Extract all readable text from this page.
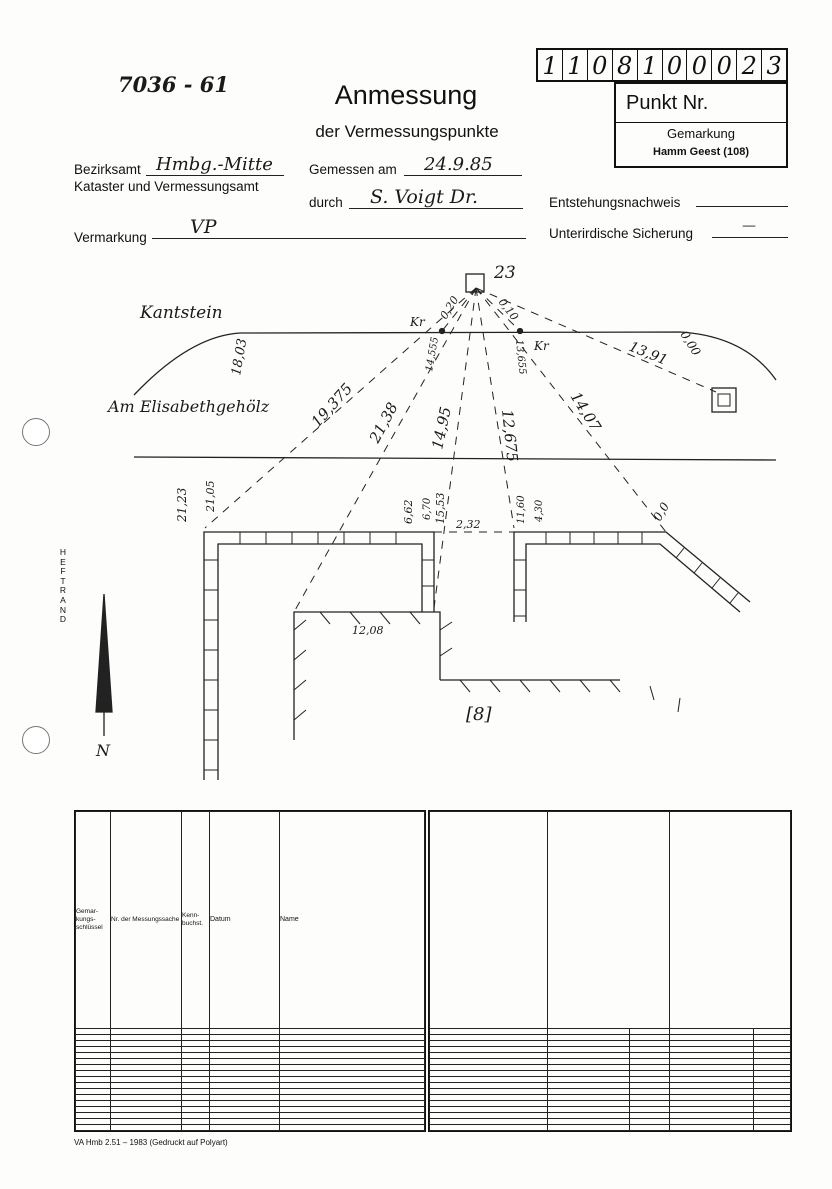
7036 - 61	Anmessung
der Vermessungspunkte
1 1 0 8 1 0 0 0 2 3
Punkt Nr.
Gemarkung
Hamm Geest (108)
Bezirksamt Hmbg.-Mitte
Kataster und Vermessungsamt
Gemessen am 24.9.85
durch S. Voigt Dr.	Entstehungsnachweis
Vermarkung VP	Unterirdische Sicherung	—
H
E
F
T
R
A
N
D
23
Kantstein
Am Elisabethgehölz
Kr
Kr
[8]
N
18,03
19,375 21,38 14,95
14,555
12,675
13,655
14,07
13,91 0,00
0,20	0,10
21,23 21,05	6,62 15,53
2,32
11,60 4,30	0,0
12,08
6,70
Gemar-kungs-schlüssel	Nr. der Messungssache	Kenn-buchst.	Datum	Name

VA Hmb 2.51 – 1983 (Gedruckt auf Polyart)
